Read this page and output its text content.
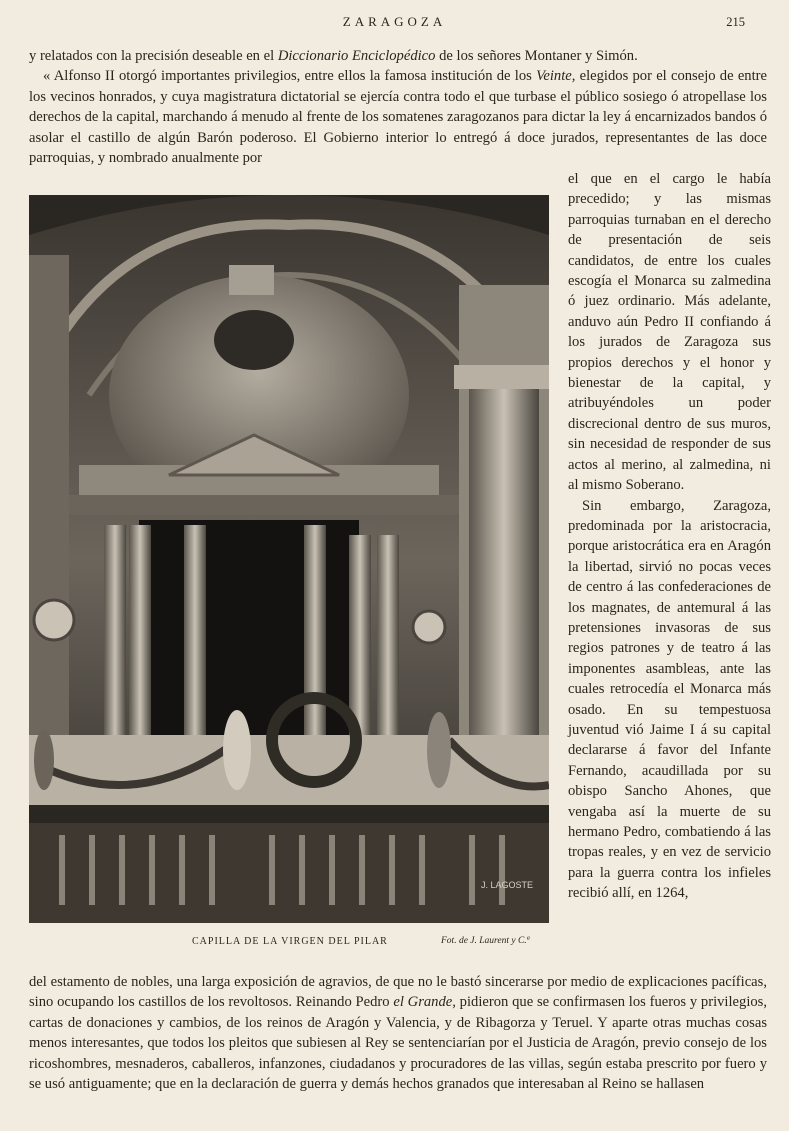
ZARAGOZA	215
y relatados con la precisión deseable en el Diccionario Enciclopédico de los señores Montaner y Simón.
« Alfonso II otorgó importantes privilegios, entre ellos la famosa institución de los Veinte, elegidos por el consejo de entre los vecinos honrados, y cuya magistratura dictatorial se ejercía contra todo el que turbase el público sosiego ó atropellase los derechos de la capital, marchando á menudo al frente de los somatenes zaragozanos para dictar la ley á encarnizados bandos ó asolar el castillo de algún Barón poderoso. El Gobierno interior lo entregó á doce jurados, representantes de las doce parroquias, y nombrado anualmente por
J. LAGOSTE
CAPILLA DE LA VIRGEN DEL PILAR	Fot. de J. Laurent y C.ª
el que en el cargo le había precedido; y las mismas parroquias turnaban en el derecho de presentación de seis candidatos, de entre los cuales escogía el Monarca su zalmedina ó juez ordinario. Más adelante, anduvo aún Pedro II confiando á los jurados de Zaragoza sus propios derechos y el honor y bienestar de la capital, y atribuyéndoles un poder discrecional dentro de sus muros, sin necesidad de responder de sus actos al merino, al zalmedina, ni al mismo Soberano.
Sin embargo, Zaragoza, predominada por la aristocracia, porque aristocrática era en Aragón la libertad, sirvió no pocas veces de centro á las confederaciones de los magnates, de antemural á las pretensiones invasoras de sus regios patrones y de teatro á las imponentes asambleas, ante las cuales retrocedía el Monarca más osado. En su tempestuosa juventud vió Jaime I á su capital declararse á favor del Infante Fernando, acaudillada por su obispo Sancho Ahones, que vengaba así la muerte de su hermano Pedro, combatiendo á las tropas reales, y en vez de servicio para la guerra contra los infieles recibió allí, en 1264,
del estamento de nobles, una larga exposición de agravios, de que no le bastó sincerarse por medio de explicaciones pacíficas, sino ocupando los castillos de los revoltosos. Reinando Pedro el Grande, pidieron que se confirmasen los fueros y privilegios, cartas de donaciones y cambios, de los reinos de Aragón y Valencia, y de Ribagorza y Teruel. Y aparte otras muchas cosas menos interesantes, que todos los pleitos que subiesen al Rey se sentenciarían por el Justicia de Aragón, previo consejo de los ricoshombres, mesnaderos, caballeros, infanzones, ciudadanos y procuradores de las villas, según estaba prescrito por fuero y se usó antiguamente; que en la declaración de guerra y demás hechos granados que interesaban al Reino se hallasen
